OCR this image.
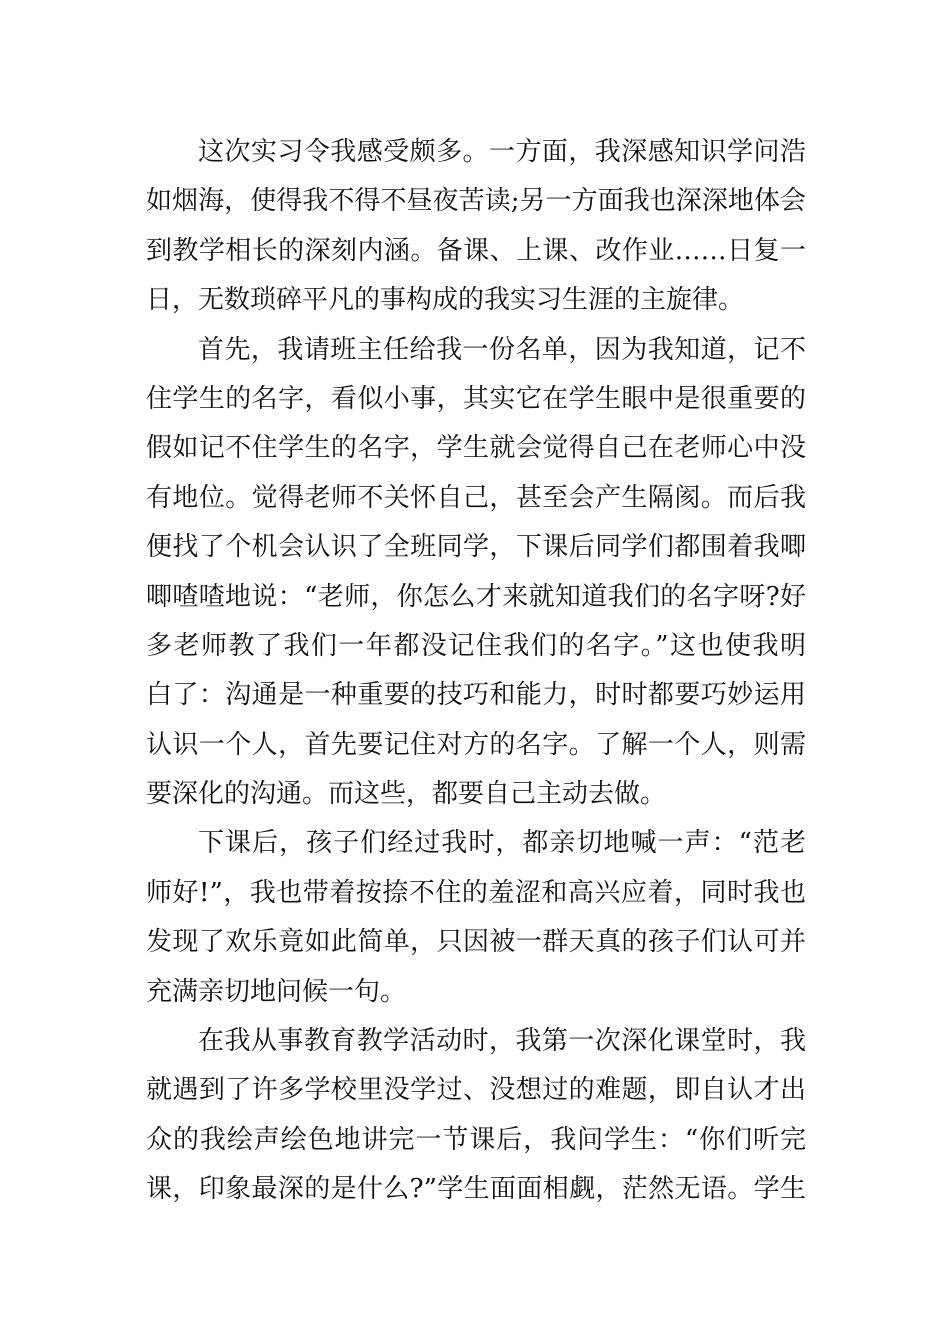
这次实习令我感受颇多。一方面，我深感知识学问浩
如烟海，使得我不得不昼夜苦读;另一方面我也深深地体会
到教学相长的深刻内涵。备课、上课、改作业……日复一
日，无数琐碎平凡的事构成的我实习生涯的主旋律。
首先，我请班主任给我一份名单，因为我知道，记不
住学生的名字，看似小事，其实它在学生眼中是很重要的
假如记不住学生的名字，学生就会觉得自己在老师心中没
有地位。觉得老师不关怀自己，甚至会产生隔阂。而后我
便找了个机会认识了全班同学，下课后同学们都围着我唧
唧喳喳地说：“老师，你怎么才来就知道我们的名字呀?好
多老师教了我们一年都没记住我们的名字。”这也使我明
白了：沟通是一种重要的技巧和能力，时时都要巧妙运用
认识一个人，首先要记住对方的名字。了解一个人，则需
要深化的沟通。而这些，都要自己主动去做。
下课后，孩子们经过我时，都亲切地喊一声：“范老
师好!”，我也带着按捺不住的羞涩和高兴应着，同时我也
发现了欢乐竟如此简单，只因被一群天真的孩子们认可并
充满亲切地问候一句。
在我从事教育教学活动时，我第一次深化课堂时，我
就遇到了许多学校里没学过、没想过的难题，即自认才出
众的我绘声绘色地讲完一节课后，我问学生：“你们听完
课，印象最深的是什么?”学生面面相觑，茫然无语。学生
